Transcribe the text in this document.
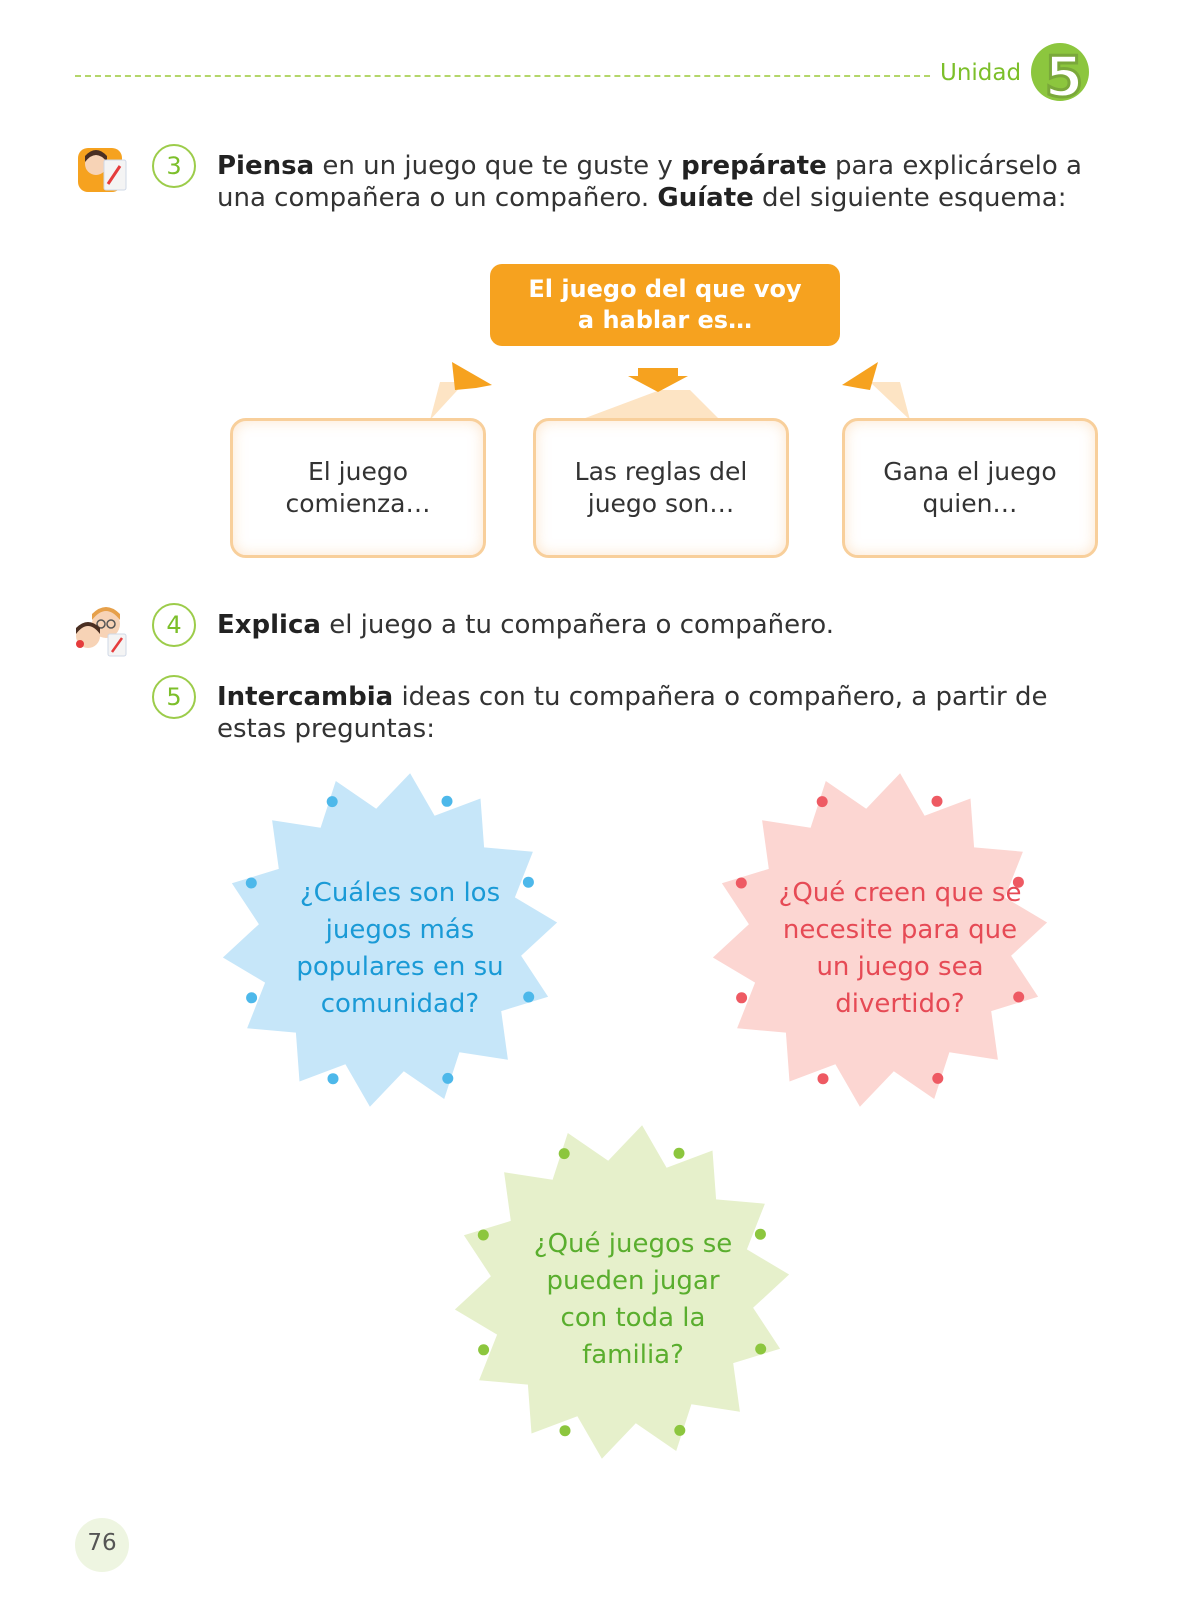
Unidad 5
3	Piensa en un juego que te guste y prepárate para explicárselo a una compañera o un compañero. Guíate del siguiente esquema:
El juego del que voy a hablar es…
El juego comienza…
Las reglas del juego son…
Gana el juego quien…
4	Explica el juego a tu compañera o compañero.
5	Intercambia ideas con tu compañera o compañero, a partir de estas preguntas:
¿Cuáles son los juegos más populares en su comunidad?
¿Qué creen que se necesite para que un juego sea divertido?
¿Qué juegos se pueden jugar con toda la familia?
76
